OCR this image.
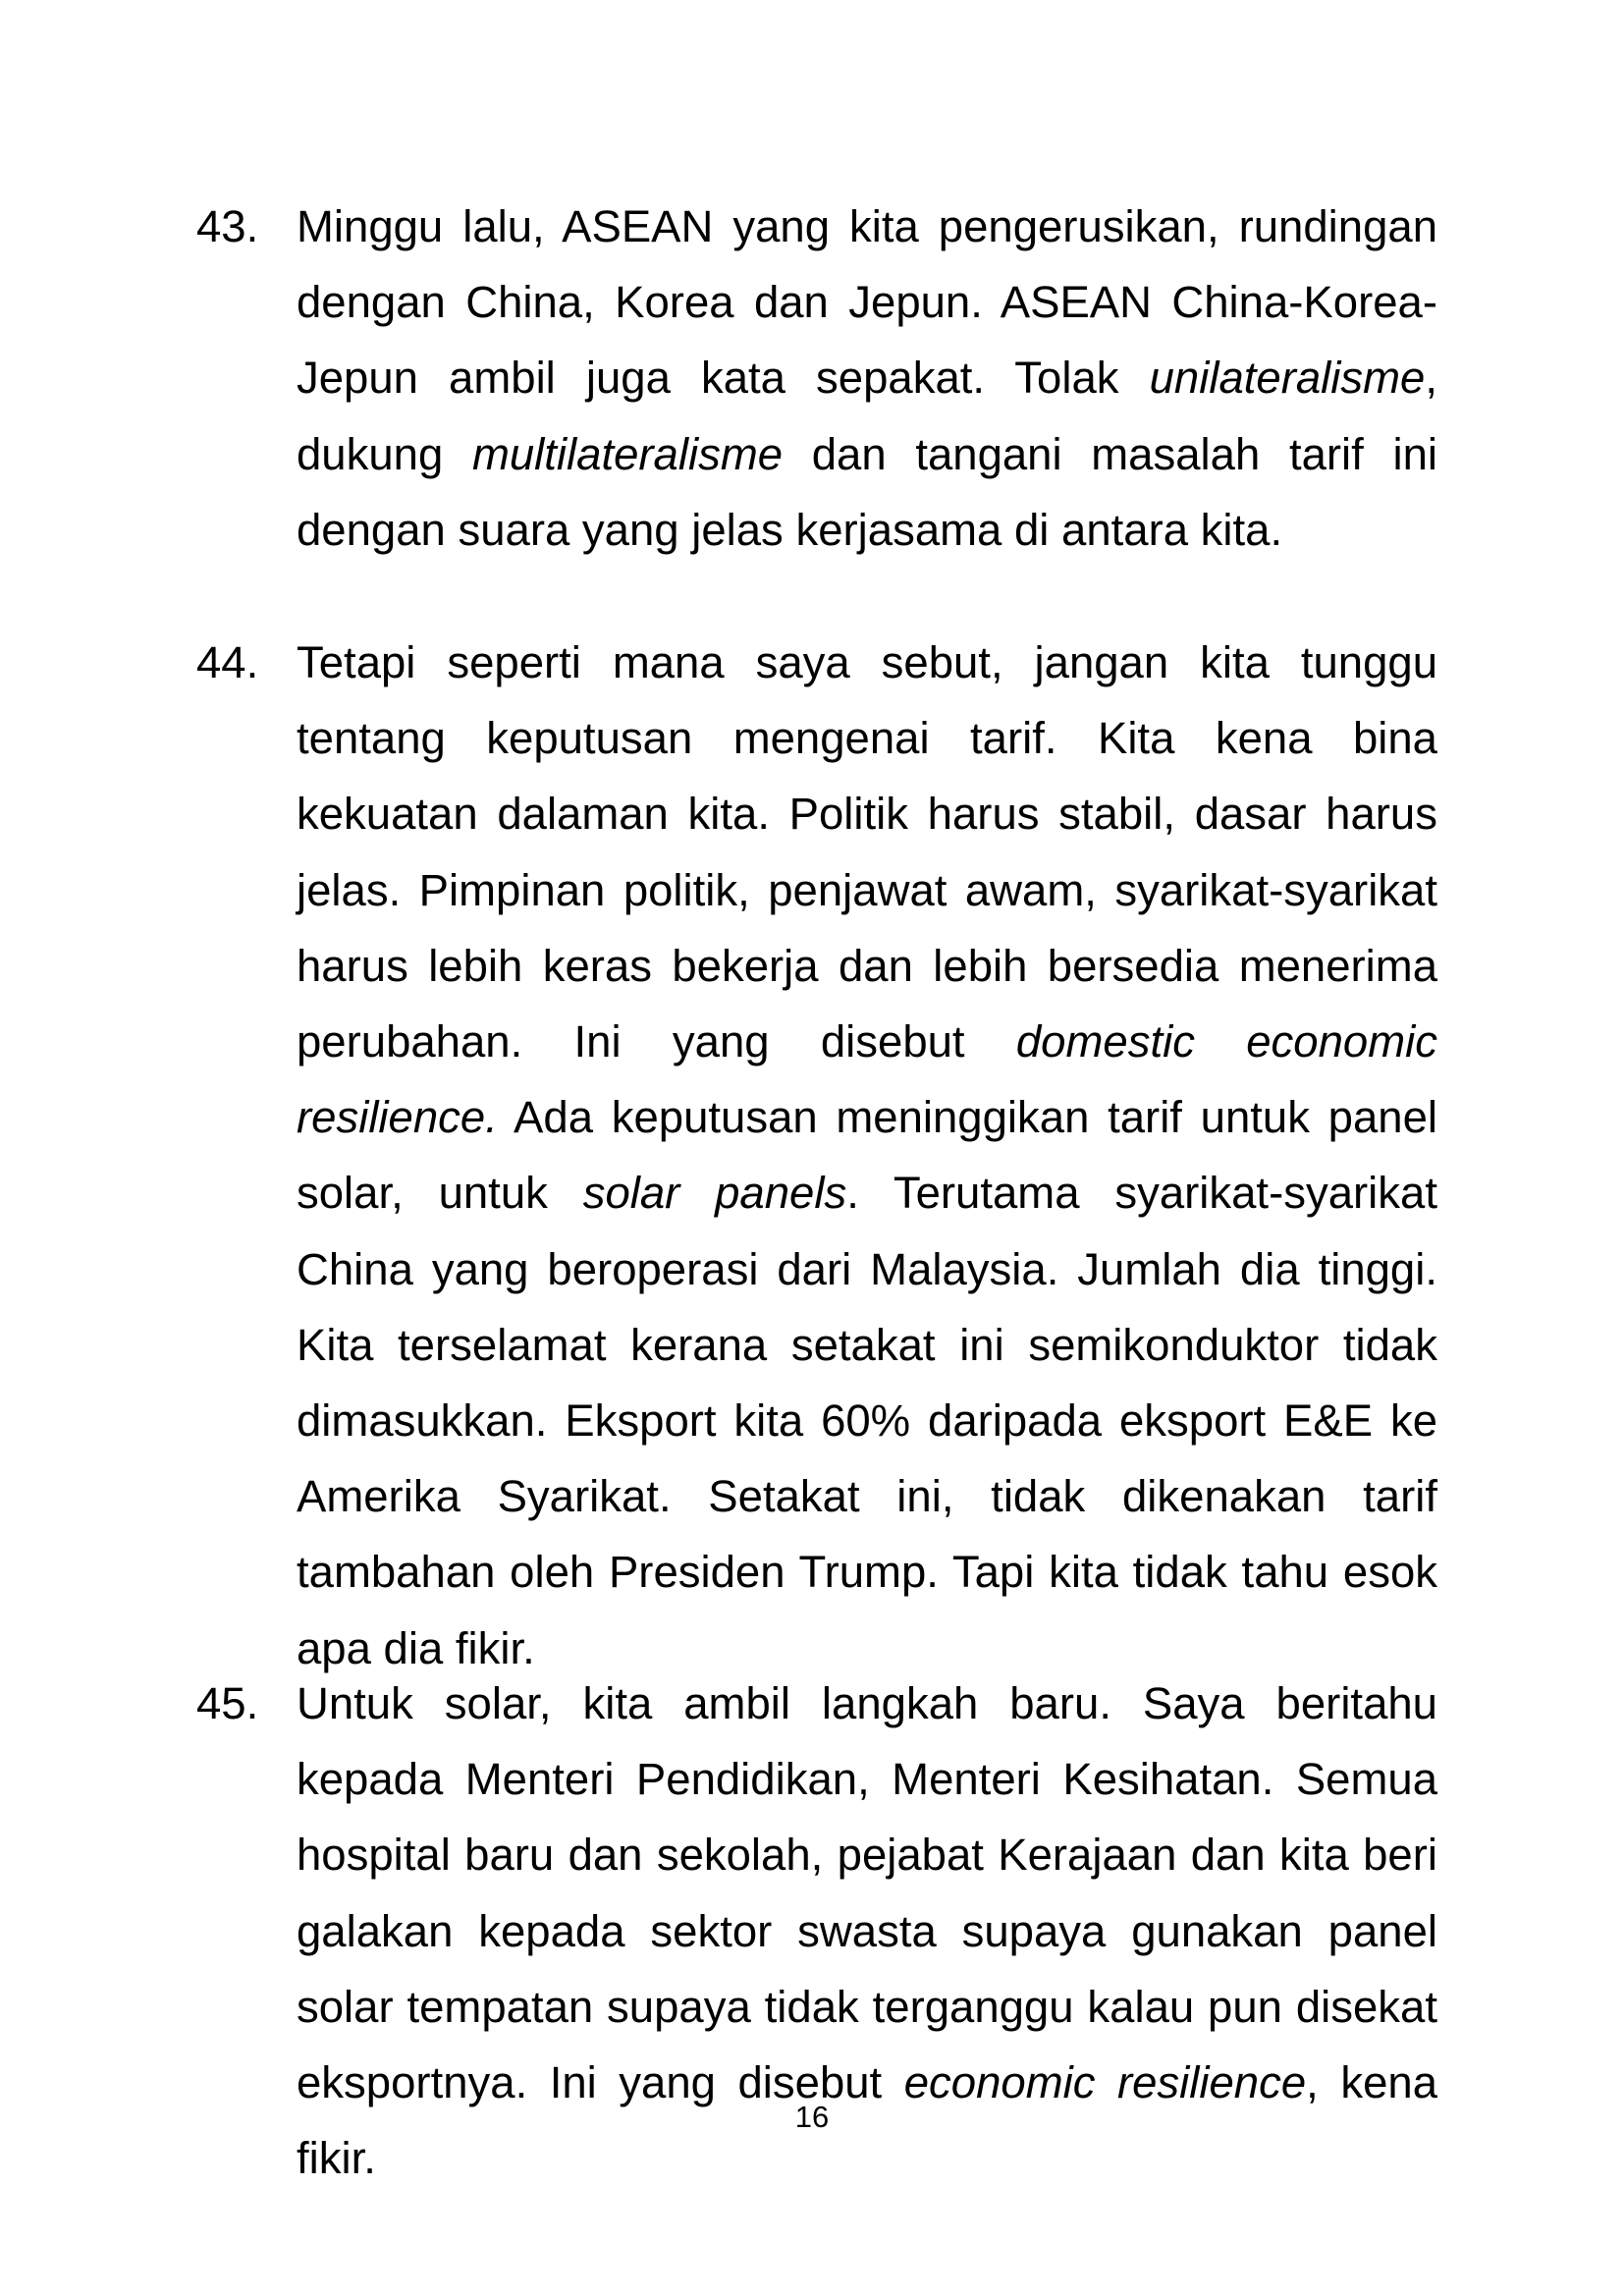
43. Minggu lalu, ASEAN yang kita pengerusikan, rundingan dengan China, Korea dan Jepun. ASEAN China-Korea-Jepun ambil juga kata sepakat. Tolak unilateralisme, dukung multilateralisme dan tangani masalah tarif ini dengan suara yang jelas kerjasama di antara kita.
44. Tetapi seperti mana saya sebut, jangan kita tunggu tentang keputusan mengenai tarif. Kita kena bina kekuatan dalaman kita. Politik harus stabil, dasar harus jelas. Pimpinan politik, penjawat awam, syarikat-syarikat harus lebih keras bekerja dan lebih bersedia menerima perubahan. Ini yang disebut domestic economic resilience. Ada keputusan meninggikan tarif untuk panel solar, untuk solar panels. Terutama syarikat-syarikat China yang beroperasi dari Malaysia. Jumlah dia tinggi. Kita terselamat kerana setakat ini semikonduktor tidak dimasukkan. Eksport kita 60% daripada eksport E&E ke Amerika Syarikat. Setakat ini, tidak dikenakan tarif tambahan oleh Presiden Trump. Tapi kita tidak tahu esok apa dia fikir.
45. Untuk solar, kita ambil langkah baru. Saya beritahu kepada Menteri Pendidikan, Menteri Kesihatan. Semua hospital baru dan sekolah, pejabat Kerajaan dan kita beri galakan kepada sektor swasta supaya gunakan panel solar tempatan supaya tidak terganggu kalau pun disekat eksportnya. Ini yang disebut economic resilience, kena fikir.
16
